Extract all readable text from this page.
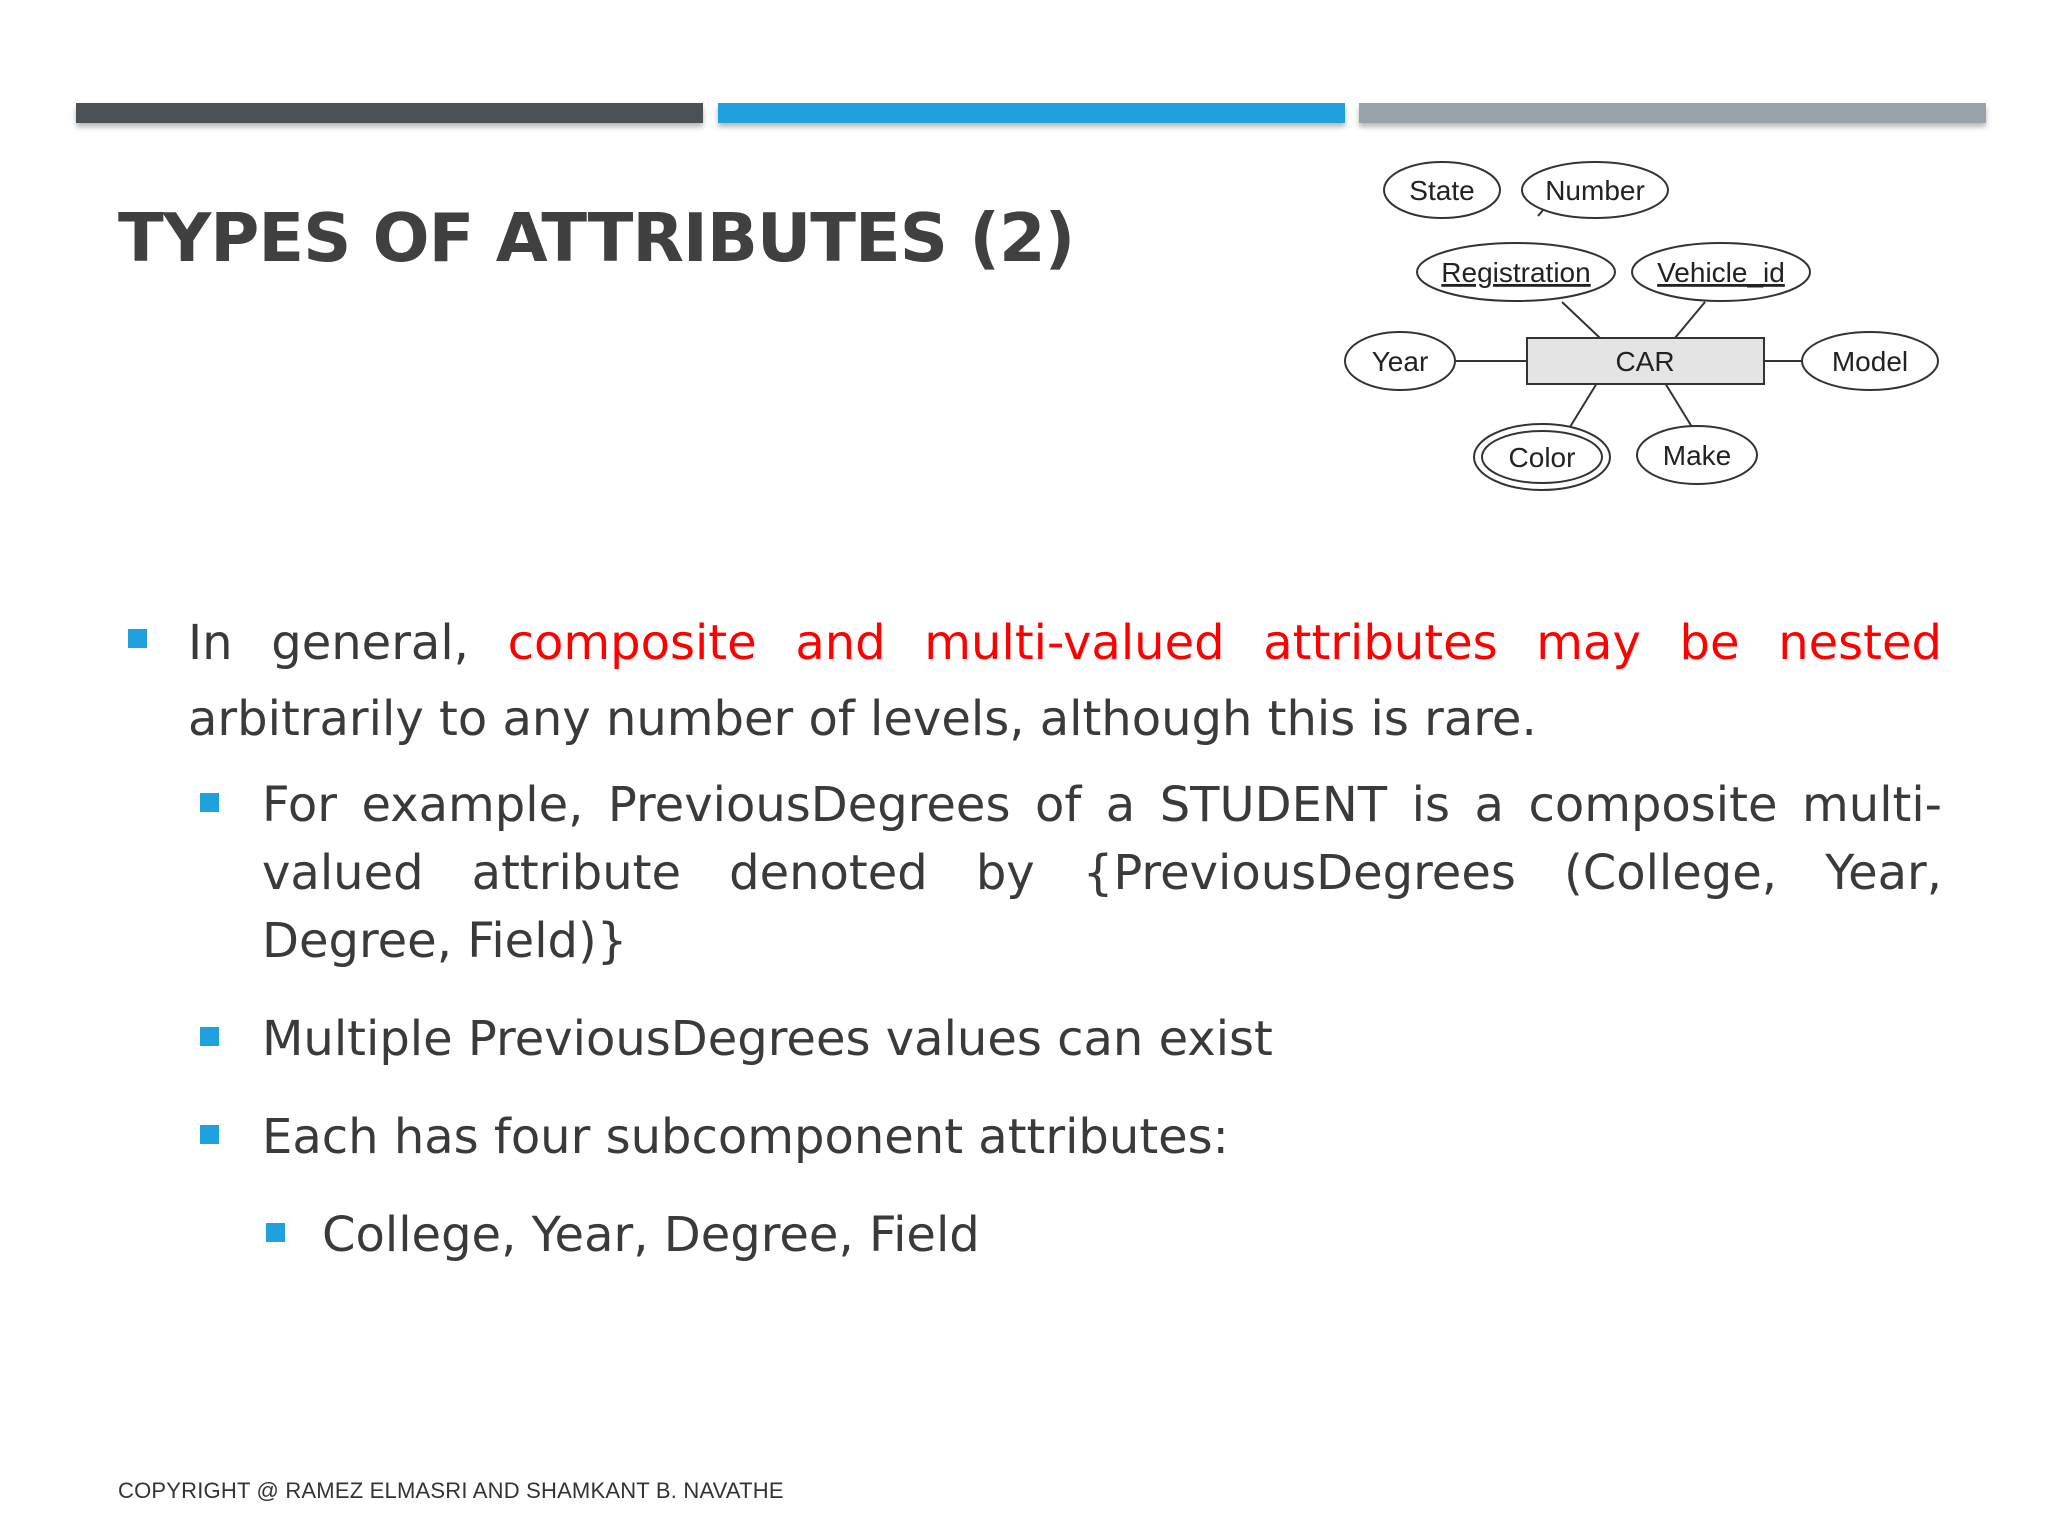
TYPES OF ATTRIBUTES (2)
CAR
State	Number
Registration Vehicle_id
Year	Model
Color	Make
In general, composite and multi-valued attributes may be nested arbitrarily to any number of levels, although this is rare.
For example, PreviousDegrees of a STUDENT is a composite multi-valued attribute denoted by {PreviousDegrees (College, Year, Degree, Field)}
Multiple PreviousDegrees values can exist
Each has four subcomponent attributes:
College, Year, Degree, Field
COPYRIGHT @ RAMEZ ELMASRI AND SHAMKANT B. NAVATHE
